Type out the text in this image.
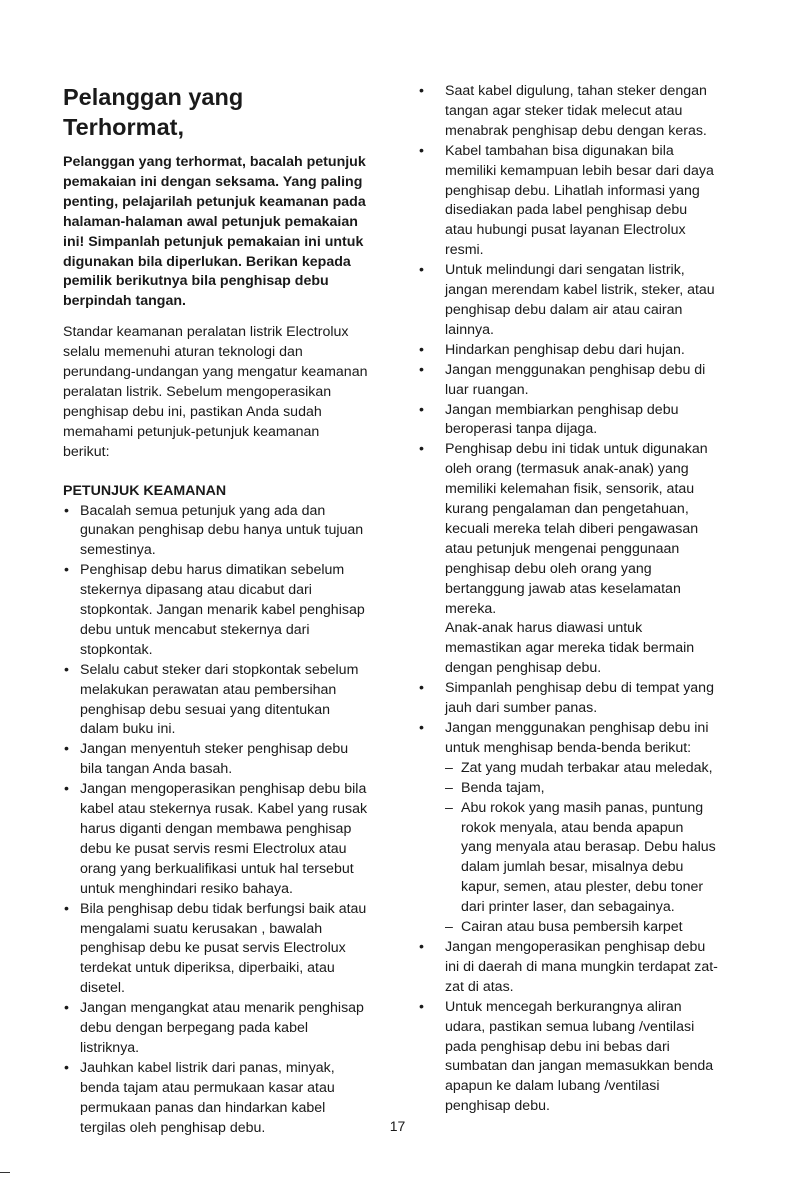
Pelanggan yang Terhormat,

Pelanggan yang terhormat, bacalah petunjuk pemakaian ini dengan seksama. Yang paling penting, pelajarilah petunjuk keamanan pada halaman-halaman awal petunjuk pemakaian ini! Simpanlah petunjuk pemakaian ini untuk digunakan bila diperlukan. Berikan kepada pemilik berikutnya bila penghisap debu berpindah tangan.

Standar keamanan peralatan listrik Electrolux selalu memenuhi aturan teknologi dan perundang-undangan yang mengatur keamanan peralatan listrik. Sebelum mengoperasikan penghisap debu ini, pastikan Anda sudah memahami petunjuk-petunjuk keamanan berikut:

PETUNJUK KEAMANAN
• Bacalah semua petunjuk yang ada dan gunakan penghisap debu hanya untuk tujuan semestinya.
• Penghisap debu harus dimatikan sebelum stekernya dipasang atau dicabut dari stopkontak. Jangan menarik kabel penghisap debu untuk mencabut stekernya dari stopkontak.
• Selalu cabut steker dari stopkontak sebelum melakukan perawatan atau pembersihan penghisap debu sesuai yang ditentukan dalam buku ini.
• Jangan menyentuh steker penghisap debu bila tangan Anda basah.
• Jangan mengoperasikan penghisap debu bila kabel atau stekernya rusak. Kabel yang rusak harus diganti dengan membawa penghisap debu ke pusat servis resmi Electrolux atau orang yang berkualifikasi untuk hal tersebut untuk menghindari resiko bahaya.
• Bila penghisap debu tidak berfungsi baik atau mengalami suatu kerusakan , bawalah penghisap debu ke pusat servis Electrolux terdekat untuk diperiksa, diperbaiki, atau disetel.
• Jangan mengangkat atau menarik penghisap debu dengan berpegang pada kabel listriknya.
• Jauhkan kabel listrik dari panas, minyak, benda tajam atau permukaan kasar atau permukaan panas dan hindarkan kabel tergilas oleh penghisap debu.
• Saat kabel digulung, tahan steker dengan tangan agar steker tidak melecut atau menabrak penghisap debu dengan keras.
• Kabel tambahan bisa digunakan bila memiliki kemampuan lebih besar dari daya penghisap debu. Lihatlah informasi yang disediakan pada label penghisap debu atau hubungi pusat layanan Electrolux resmi.
• Untuk melindungi dari sengatan listrik, jangan merendam kabel listrik, steker, atau penghisap debu dalam air atau cairan lainnya.
• Hindarkan penghisap debu dari hujan.
• Jangan menggunakan penghisap debu di luar ruangan.
• Jangan membiarkan penghisap debu beroperasi tanpa dijaga.
• Penghisap debu ini tidak untuk digunakan oleh orang (termasuk anak-anak) yang memiliki kelemahan fisik, sensorik, atau kurang pengalaman dan pengetahuan, kecuali mereka telah diberi pengawasan atau petunjuk mengenai penggunaan penghisap debu oleh orang yang bertanggung jawab atas keselamatan mereka.
Anak-anak harus diawasi untuk memastikan agar mereka tidak bermain dengan penghisap debu.
• Simpanlah penghisap debu di tempat yang jauh dari sumber panas.
• Jangan menggunakan penghisap debu ini untuk menghisap benda-benda berikut:
– Zat yang mudah terbakar atau meledak,
– Benda tajam,
– Abu rokok yang masih panas, puntung rokok menyala, atau benda apapun yang menyala atau berasap. Debu halus dalam jumlah besar, misalnya debu kapur, semen, atau plester, debu toner dari printer laser, dan sebagainya.
– Cairan atau busa pembersih karpet
• Jangan mengoperasikan penghisap debu ini di daerah di mana mungkin terdapat zat-zat di atas.
• Untuk mencegah berkurangnya aliran udara, pastikan semua lubang /ventilasi pada penghisap debu ini bebas dari sumbatan dan jangan memasukkan benda apapun ke dalam lubang /ventilasi penghisap debu.
17
